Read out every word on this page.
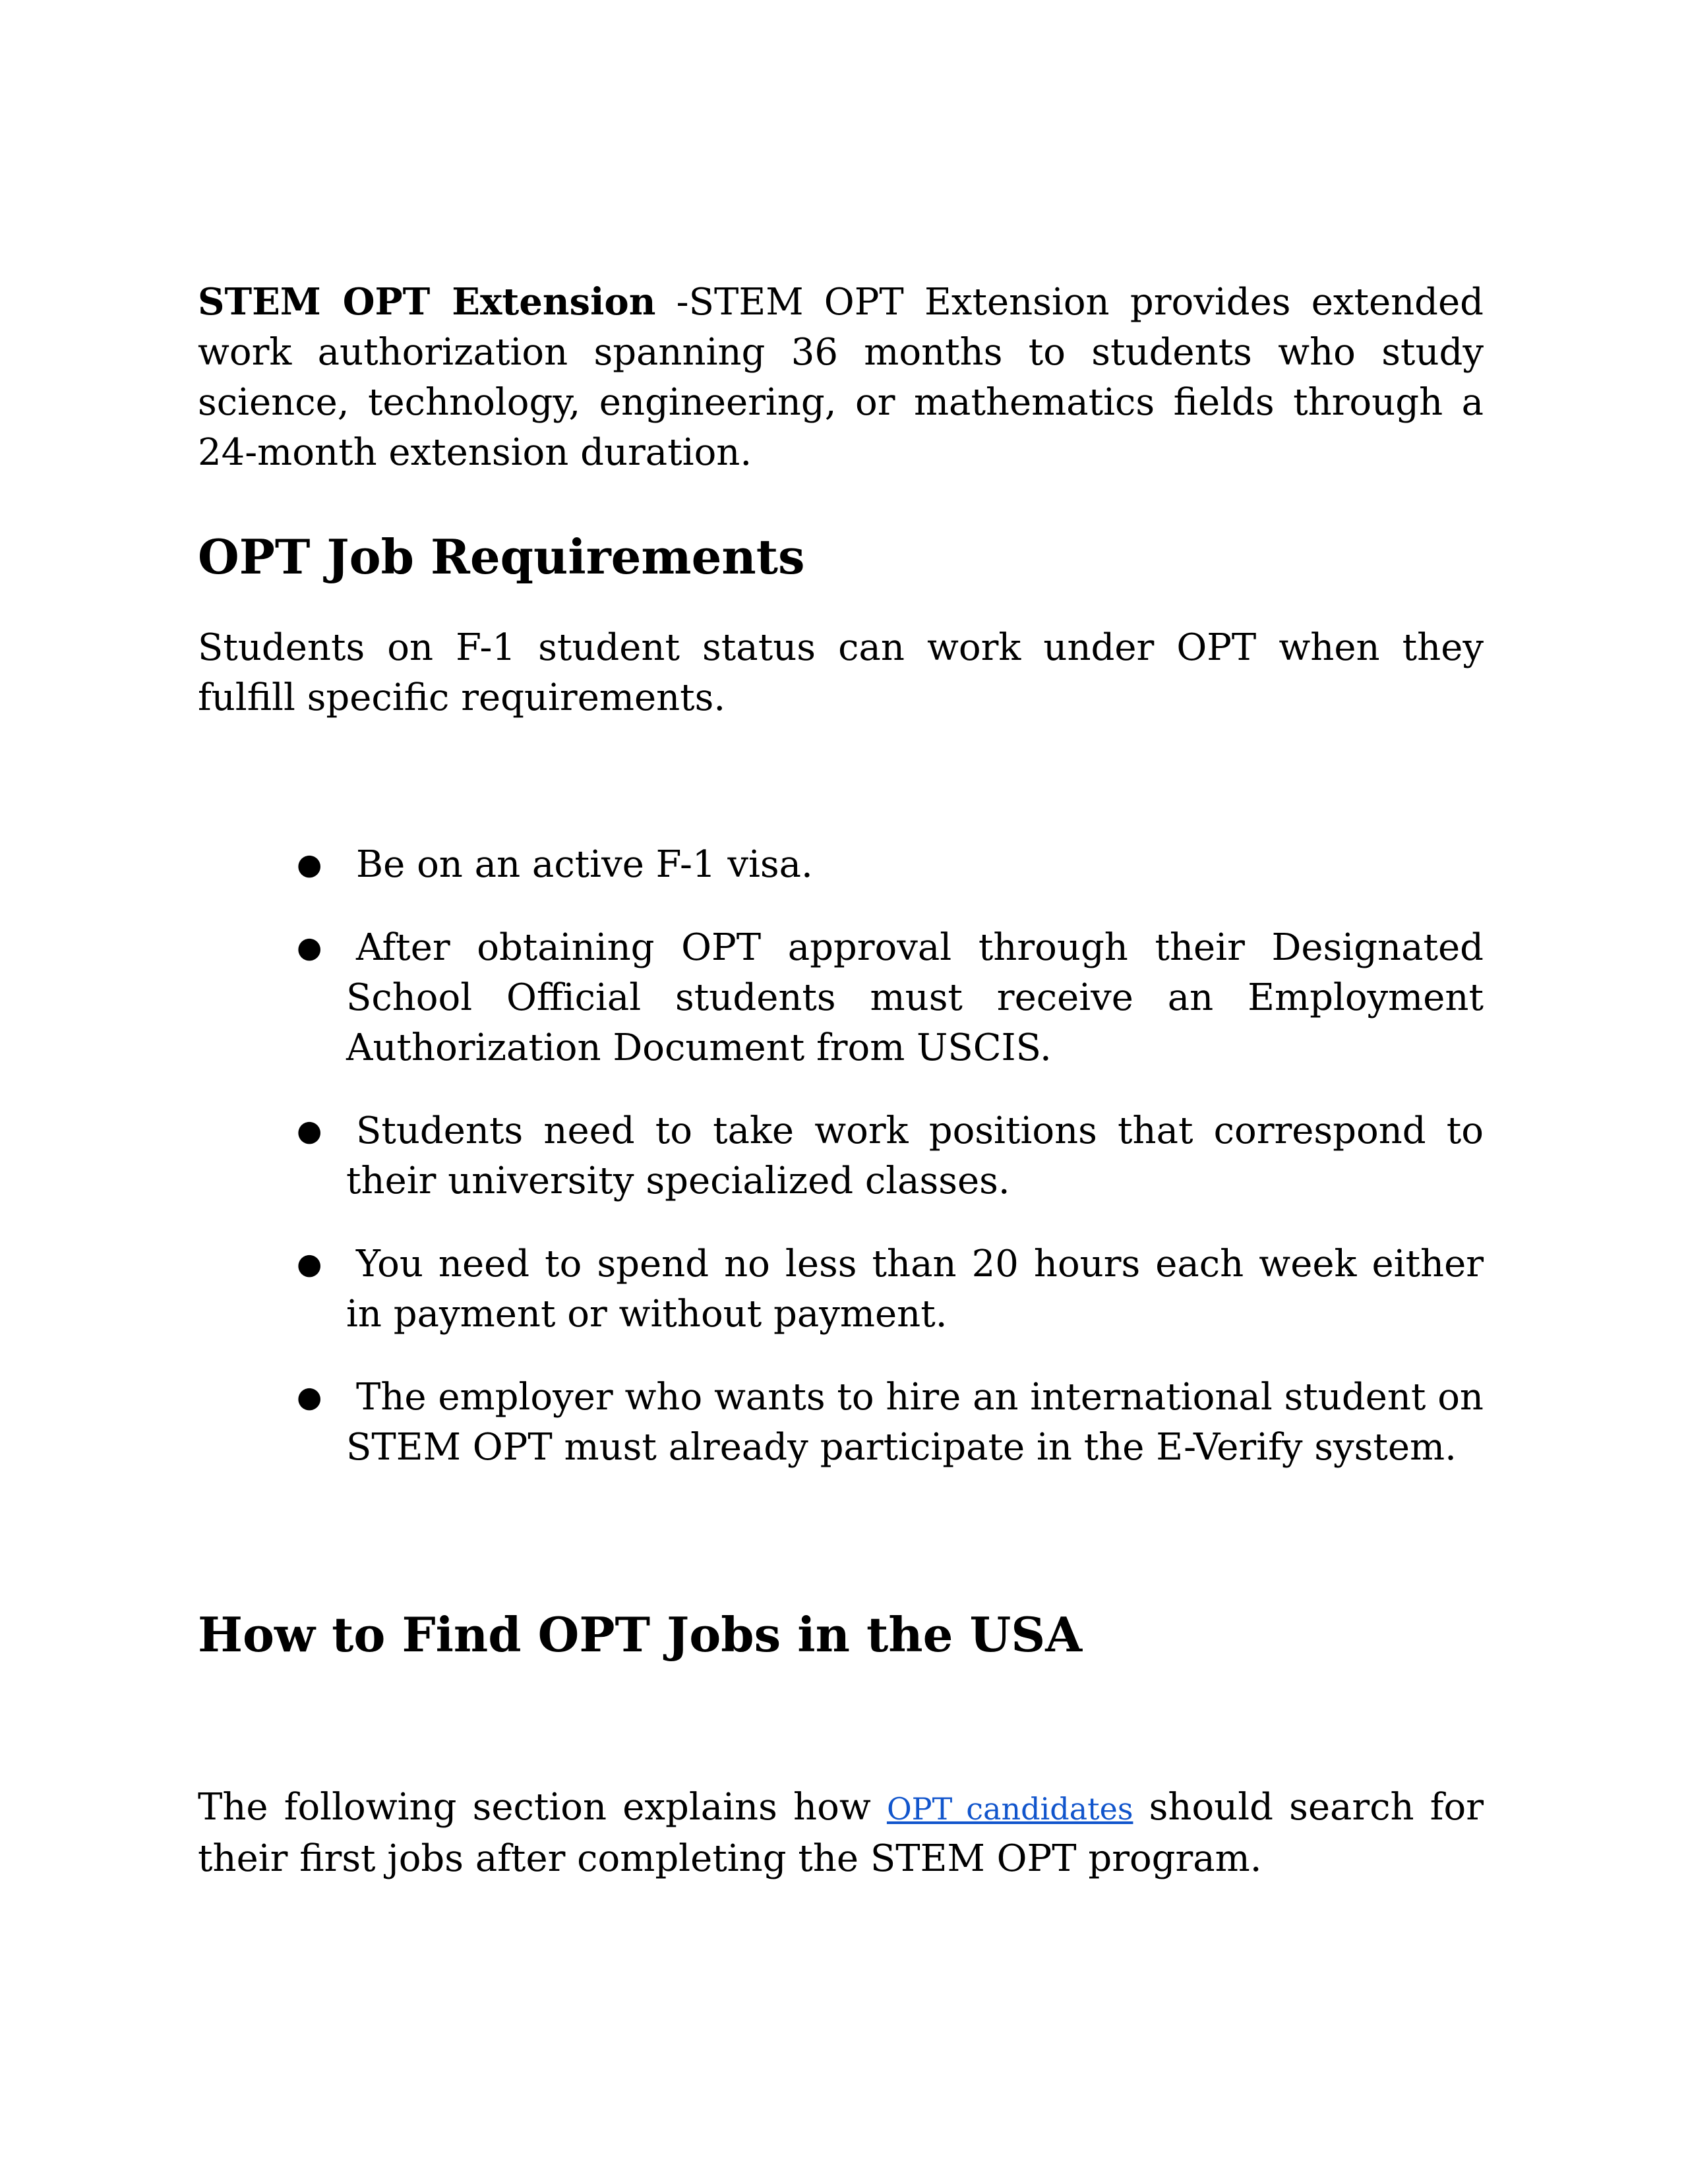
STEM OPT Extension -STEM OPT Extension provides extended work authorization spanning 36 months to students who study science, technology, engineering, or mathematics fields through a 24-month extension duration.

OPT Job Requirements

Students on F-1 student status can work under OPT when they fulfill specific requirements.

● Be on an active F-1 visa.
● After obtaining OPT approval through their Designated School Official students must receive an Employment Authorization Document from USCIS.
● Students need to take work positions that correspond to their university specialized classes.
● You need to spend no less than 20 hours each week either in payment or without payment.
● The employer who wants to hire an international student on STEM OPT must already participate in the E-Verify system.
How to Find OPT Jobs in the USA

The following section explains how OPT candidates should search for their first jobs after completing the STEM OPT program.
